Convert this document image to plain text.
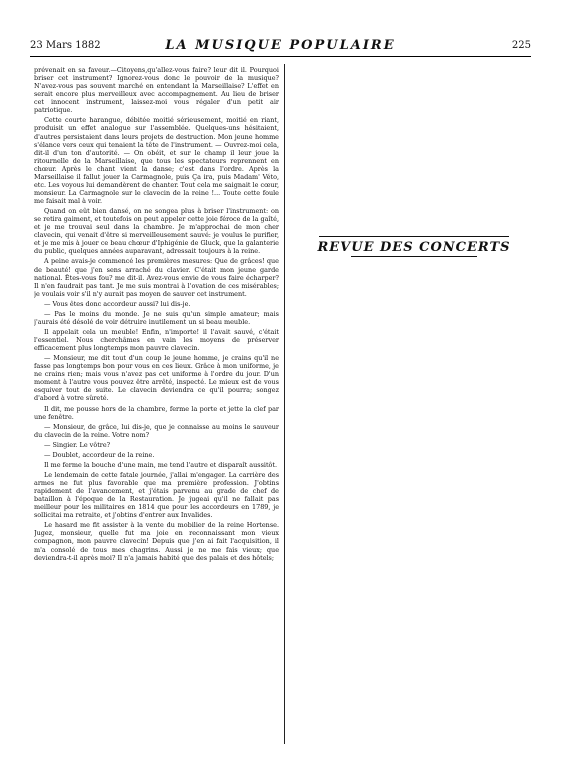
23 Mars 1882	LA MUSIQUE POPULAIRE	225

prévenait en sa faveur.—Citoyens,qu'allez-vous faire? leur dit il. Pourquoi briser cet instrument? Ignorez-vous donc le pouvoir de la musique? N'avez-vous pas souvent marché en entendant la Marseillaise? L'effet en serait encore plus merveilleux avec accompagnement. Au lieu de briser cet innocent instrument, laissez-moi vous régaler d'un petit air patriotique.

Cette courte harangue, débitée moitié sérieusement, moitié en riant, produisit un effet analogue sur l'assemblée. Quelques-uns hésitaient, d'autres persistaient dans leurs projets de destruction. Mon jeune homme s'élance vers ceux qui tenaient la tête de l'instrument. — Ouvrez-moi cela, dit-il d'un ton d'autorité. — On obéit, et sur le champ il leur joue la ritournelle de la Marseillaise, que tous les spectateurs reprennent en chœur. Après le chant vient la danse; c'est dans l'ordre. Après la Marseillaise il fallut jouer la Carmagnole, puis Ça ira, puis Madam' Véto, etc. Les voyous lui demandèrent de chanter. Tout cela me saignait le cœur, monsieur. La Carmagnole sur le clavecin de la reine !... Toute cette foule me faisait mal à voir.

Quand on eût bien dansé, on ne songea plus à briser l'instrument: on se retira gaiment, et toutefois on peut appeler cette joie féroce de la gaîté, et je me trouvai seul dans la chambre. Je m'approchai de mon cher clavecin, qui venait d'être si merveilleusement sauvé: je voulus le purifier, et je me mis à jouer ce beau chœur d'Iphigénie de Gluck, que la galanterie du public, quelques années auparavant, adressait toujours à la reine.

A peine avais-je commencé les premières mesures: Que de grâces! que de beauté! que j'en sens arraché du clavier. C'était mon jeune garde national. Êtes-vous fou? me dit-il. Avez-vous envie de vous faire écharper? Il n'en faudrait pas tant. Je me suis montrai à l'ovation de ces misérables; je voulais voir s'il n'y aurait pas moyen de sauver cet instrument.

— Vous êtes donc accordeur aussi? lui dis-je.

— Pas le moins du monde. Je ne suis qu'un simple amateur; mais j'aurais été désolé de voir détruire inutilement un si beau meuble.

Il appelait cela un meuble! Enfin, n'importe! il l'avait sauvé, c'était l'essentiel. Nous cherchâmes en vain les moyens de préserver efficacement plus longtemps mon pauvre clavecin.

— Monsieur, me dit tout d'un coup le jeune homme, je crains qu'il ne fasse pas longtemps bon pour vous en ces lieux. Grâce à mon uniforme, je ne crains rien; mais vous n'avez pas cet uniforme à l'ordre du jour. D'un moment à l'autre vous pouvez être arrêté, inspecté. Le mieux est de vous esquiver tout de suite. Le clavecin deviendra ce qu'il pourra; songez d'abord à votre sûreté.

Il dit, me pousse hors de la chambre, ferme la porte et jette la clef par une fenêtre.

— Monsieur, de grâce, lui dis-je, que je connaisse au moins le sauveur du clavecin de la reine. Votre nom?

— Singier. Le vôtre?

— Doublet, accordeur de la reine.

Il me ferme la bouche d'une main, me tend l'autre et disparaît aussitôt.

Le lendemain de cette fatale journée, j'allai m'engager. La carrière des armes ne fut plus favorable que ma première profession. J'obtins rapidement de l'avancement, et j'étais parvenu au grade de chef de bataillon à l'époque de la Restauration. Je jugeai qu'il ne fallait pas meilleur pour les militaires en 1814 que pour les accordeurs en 1789, je sollicitai ma retraite, et j'obtins d'entrer aux Invalides.

Le hasard me fit assister à la vente du mobilier de la reine Hortense. Jugez, monsieur, quelle fut ma joie en reconnaissant mon vieux compagnon, mon pauvre clavecin! Depuis que j'en ai fait l'acquisition, il m'a consolé de tous mes chagrins. Aussi je ne me fais vieux; que deviendra-t-il après moi? Il n'a jamais habité que des palais et des hôtels;

REVUE DES CONCERTS
